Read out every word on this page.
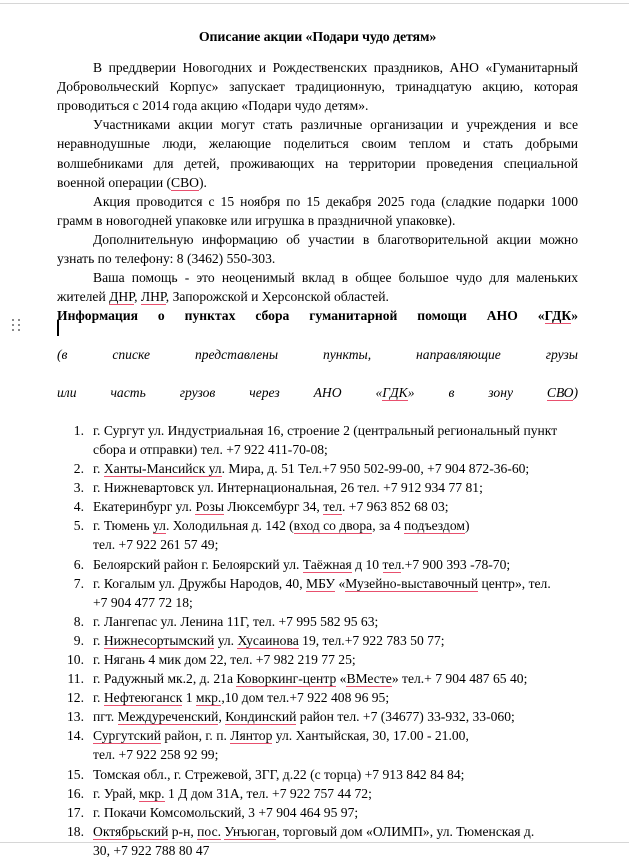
Описание акции «Подари чудо детям»

В преддверии Новогодних и Рождественских праздников, АНО «Гуманитарный Добровольческий Корпус» запускает традиционную, тринадцатую акцию, которая проводиться с 2014 года акцию «Подари чудо детям».

Участниками акции могут стать различные организации и учреждения и все неравнодушные люди, желающие поделиться своим теплом и стать добрыми волшебниками для детей, проживающих на территории проведения специальной военной операции (СВО).

Акция проводится с 15 ноября по 15 декабря 2025 года (сладкие подарки 1000 грамм в новогодней упаковке или игрушка в праздничной упаковке).

Дополнительную информацию об участии в благотворительной акции можно узнать по телефону: 8 (3462) 550-303.

Ваша помощь - это неоценимый вклад в общее большое чудо для маленьких жителей ДНР, ЛНР, Запорожской и Херсонской областей.

Информация о пунктах сбора гуманитарной помощи АНО «ГДК»
(в списке представлены пункты, направляющие грузы
или часть грузов через АНО «ГДК» в зону СВО)
1. г. Сургут ул. Индустриальная 16, строение 2 (центральный региональный пункт
сбора и отправки) тел. +7 922 411-70-08;
2. г. Ханты-Мансийск ул. Мира, д. 51 Тел.+7 950 502-99-00, +7 904 872-36-60;
3. г. Нижневартовск ул. Интернациональная, 26 тел. +7 912 934 77 81;
4. Екатеринбург ул. Розы Люксембург 34, тел. +7 963 852 68 03;
5. г. Тюмень ул. Холодильная д. 142 (вход со двора, за 4 подъездом)
тел. +7 922 261 57 49;
6. Белоярский район г. Белоярский ул. Таёжная д 10 тел.+7 900 393 -78-70;
7. г. Когалым ул. Дружбы Народов, 40, МБУ «Музейно-выставочный центр», тел.
+7 904 477 72 18;
8. г. Лангепас ул. Ленина 11Г, тел. +7 995 582 95 63;
9. г. Нижнесортымский ул. Хусаинова 19, тел.+7 922 783 50 77;
10. г. Нягань 4 мик дом 22, тел. +7 982 219 77 25;
11. г. Радужный мк.2, д. 21а Коворкинг-центр «ВМесте» тел.+ 7 904 487 65 40;
12. г. Нефтеюганск 1 мкр.,10 дом тел.+7 922 408 96 95;
13. пгт. Междуреченский, Кондинский район тел. +7 (34677) 33-932, 33-060;
14. Сургутский район, г. п. Лянтор ул. Хантыйская, 30, 17.00 - 21.00,
тел. +7 922 258 92 99;
15. Томская обл., г. Стрежевой, 3ГГ, д.22 (с торца) +7 913 842 84 84;
16. г. Урай, мкр. 1 Д дом 31А, тел. +7 922 757 44 72;
17. г. Покачи Комсомольский, 3 +7 904 464 95 97;
18. Октябрьский р-н, пос. Унъюган, торговый дом «ОЛИМП», ул. Тюменская д.
30, +7 922 788 80 47
